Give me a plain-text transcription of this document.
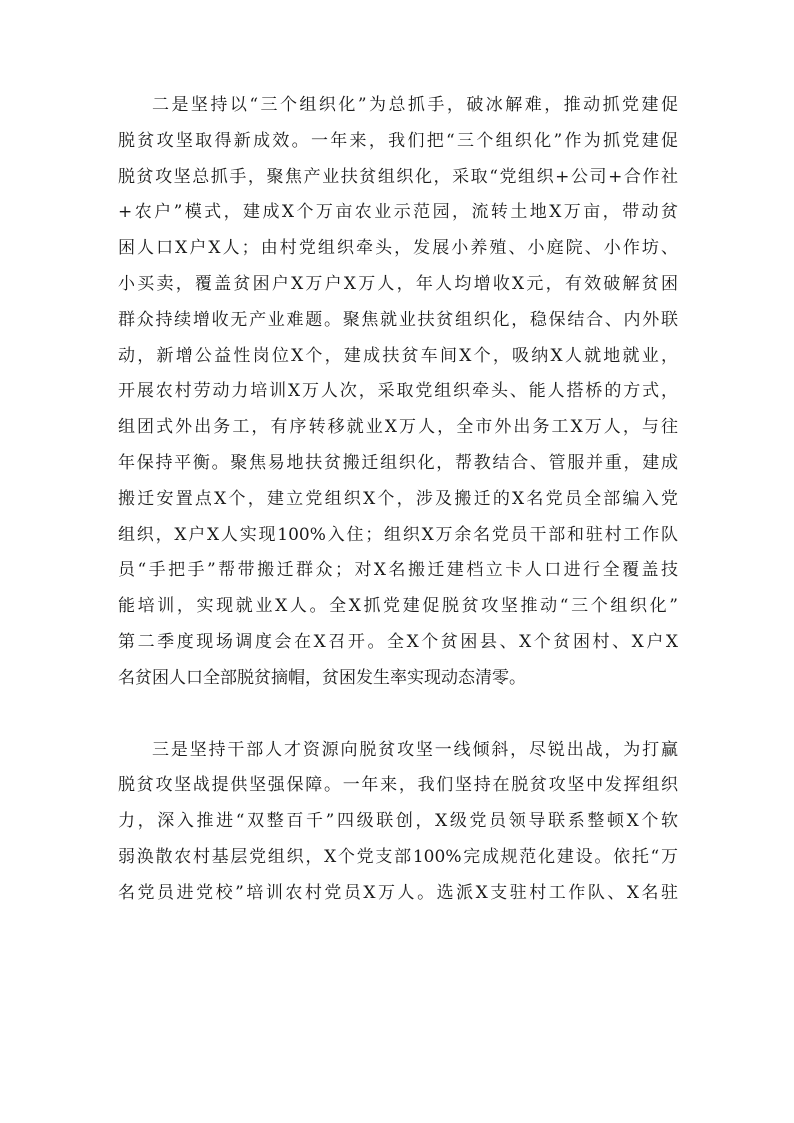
二是坚持以“三个组织化”为总抓手，破冰解难，推动抓党建促
脱贫攻坚取得新成效。一年来，我们把“三个组织化”作为抓党建促
脱贫攻坚总抓手，聚焦产业扶贫组织化，采取“党组织+公司+合作社
+农户”模式，建成X个万亩农业示范园，流转土地X万亩，带动贫
困人口X户X人；由村党组织牵头，发展小养殖、小庭院、小作坊、
小买卖，覆盖贫困户X万户X万人，年人均增收X元，有效破解贫困
群众持续增收无产业难题。聚焦就业扶贫组织化，稳保结合、内外联
动，新增公益性岗位X个，建成扶贫车间X个，吸纳X人就地就业，
开展农村劳动力培训X万人次，采取党组织牵头、能人搭桥的方式，
组团式外出务工，有序转移就业X万人，全市外出务工X万人，与往
年保持平衡。聚焦易地扶贫搬迁组织化，帮教结合、管服并重，建成
搬迁安置点X个，建立党组织X个，涉及搬迁的X名党员全部编入党
组织，X户X人实现100%入住；组织X万余名党员干部和驻村工作队
员“手把手”帮带搬迁群众；对X名搬迁建档立卡人口进行全覆盖技
能培训，实现就业X人。全X抓党建促脱贫攻坚推动“三个组织化”
第二季度现场调度会在X召开。全X个贫困县、X个贫困村、X户X
名贫困人口全部脱贫摘帽，贫困发生率实现动态清零。
三是坚持干部人才资源向脱贫攻坚一线倾斜，尽锐出战，为打赢
脱贫攻坚战提供坚强保障。一年来，我们坚持在脱贫攻坚中发挥组织
力，深入推进“双整百千”四级联创，X级党员领导联系整顿X个软
弱涣散农村基层党组织，X个党支部100%完成规范化建设。依托“万
名党员进党校”培训农村党员X万人。选派X支驻村工作队、X名驻
